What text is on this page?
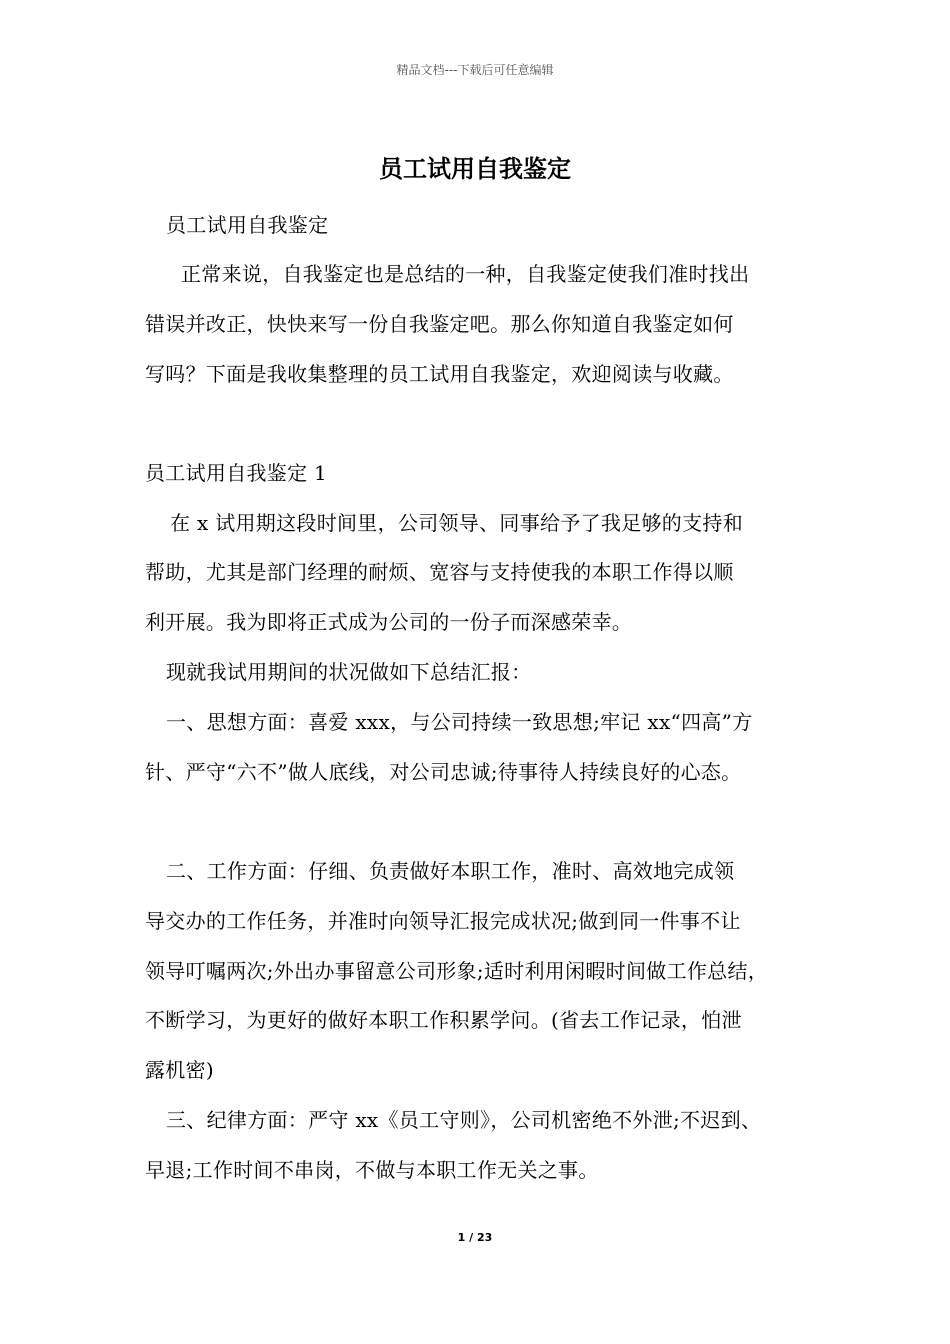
精品文档---下载后可任意编辑
员工试用自我鉴定
员工试用自我鉴定
正常来说，自我鉴定也是总结的一种，自我鉴定使我们准时找出
错误并改正，快快来写一份自我鉴定吧。那么你知道自我鉴定如何
写吗？下面是我收集整理的员工试用自我鉴定，欢迎阅读与收藏。
员工试用自我鉴定 1
在 x 试用期这段时间里，公司领导、同事给予了我足够的支持和
帮助，尤其是部门经理的耐烦、宽容与支持使我的本职工作得以顺
利开展。我为即将正式成为公司的一份子而深感荣幸。
现就我试用期间的状况做如下总结汇报：
一、思想方面：喜爱 xxx，与公司持续一致思想;牢记 xx“四高”方
针、严守“六不”做人底线，对公司忠诚;待事待人持续良好的心态。
二、工作方面：仔细、负责做好本职工作，准时、高效地完成领
导交办的工作任务，并准时向领导汇报完成状况;做到同一件事不让
领导叮嘱两次;外出办事留意公司形象;适时利用闲暇时间做工作总结，
不断学习，为更好的做好本职工作积累学问。(省去工作记录，怕泄
露机密)
三、纪律方面：严守 xx《员工守则》，公司机密绝不外泄;不迟到、
早退;工作时间不串岗，不做与本职工作无关之事。
1 / 23
